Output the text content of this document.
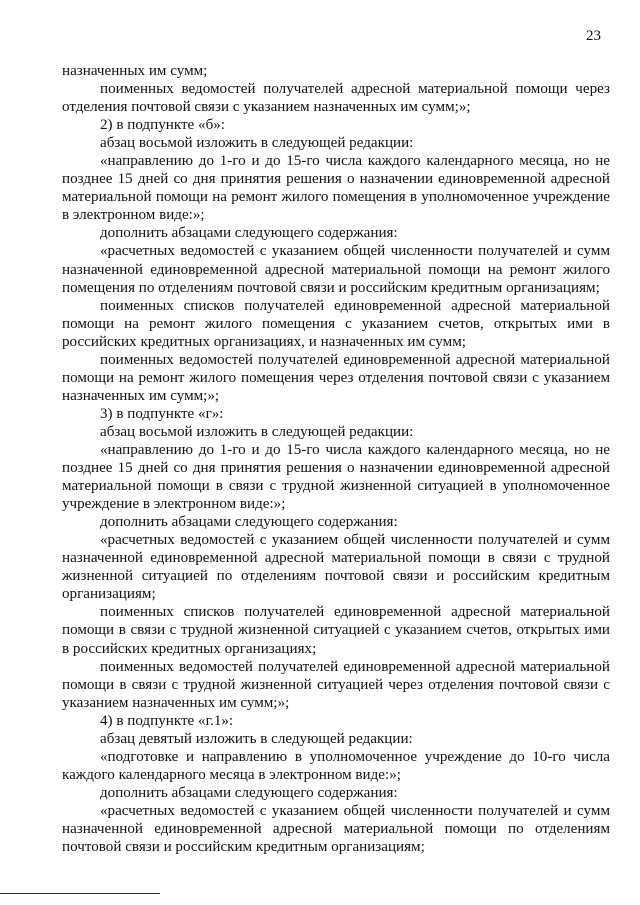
23

назначенных им сумм;

поименных ведомостей получателей адресной материальной помощи через отделения почтовой связи с указанием назначенных им сумм;»;

2) в подпункте «б»:

абзац восьмой изложить в следующей редакции:

«направлению до 1-го и до 15-го числа каждого календарного месяца, но не позднее 15 дней со дня принятия решения о назначении единовременной адресной материальной помощи на ремонт жилого помещения в уполномоченное учреждение в электронном виде:»;

дополнить абзацами следующего содержания:

«расчетных ведомостей с указанием общей численности получателей и сумм назначенной единовременной адресной материальной помощи на ремонт жилого помещения по отделениям почтовой связи и российским кредитным организациям;

поименных списков получателей единовременной адресной материальной помощи на ремонт жилого помещения с указанием счетов, открытых ими в российских кредитных организациях, и назначенных им сумм;

поименных ведомостей получателей единовременной адресной материальной помощи на ремонт жилого помещения через отделения почтовой связи с указанием назначенных им сумм;»;

3) в подпункте «г»:

абзац восьмой изложить в следующей редакции:

«направлению до 1-го и до 15-го числа каждого календарного месяца, но не позднее 15 дней со дня принятия решения о назначении единовременной адресной материальной помощи в связи с трудной жизненной ситуацией в уполномоченное учреждение в электронном виде:»;

дополнить абзацами следующего содержания:

«расчетных ведомостей с указанием общей численности получателей и сумм назначенной единовременной адресной материальной помощи в связи с трудной жизненной ситуацией по отделениям почтовой связи и российским кредитным организациям;

поименных списков получателей единовременной адресной материальной помощи в связи с трудной жизненной ситуацией с указанием счетов, открытых ими в российских кредитных организациях;

поименных ведомостей получателей единовременной адресной материальной помощи в связи с трудной жизненной ситуацией через отделения почтовой связи с указанием назначенных им сумм;»;

4) в подпункте «г.1»:

абзац девятый изложить в следующей редакции:

«подготовке и направлению в уполномоченное учреждение до 10-го числа каждого календарного месяца в электронном виде:»;

дополнить абзацами следующего содержания:

«расчетных ведомостей с указанием общей численности получателей и сумм назначенной единовременной адресной материальной помощи по отделениям почтовой связи и российским кредитным организациям;
